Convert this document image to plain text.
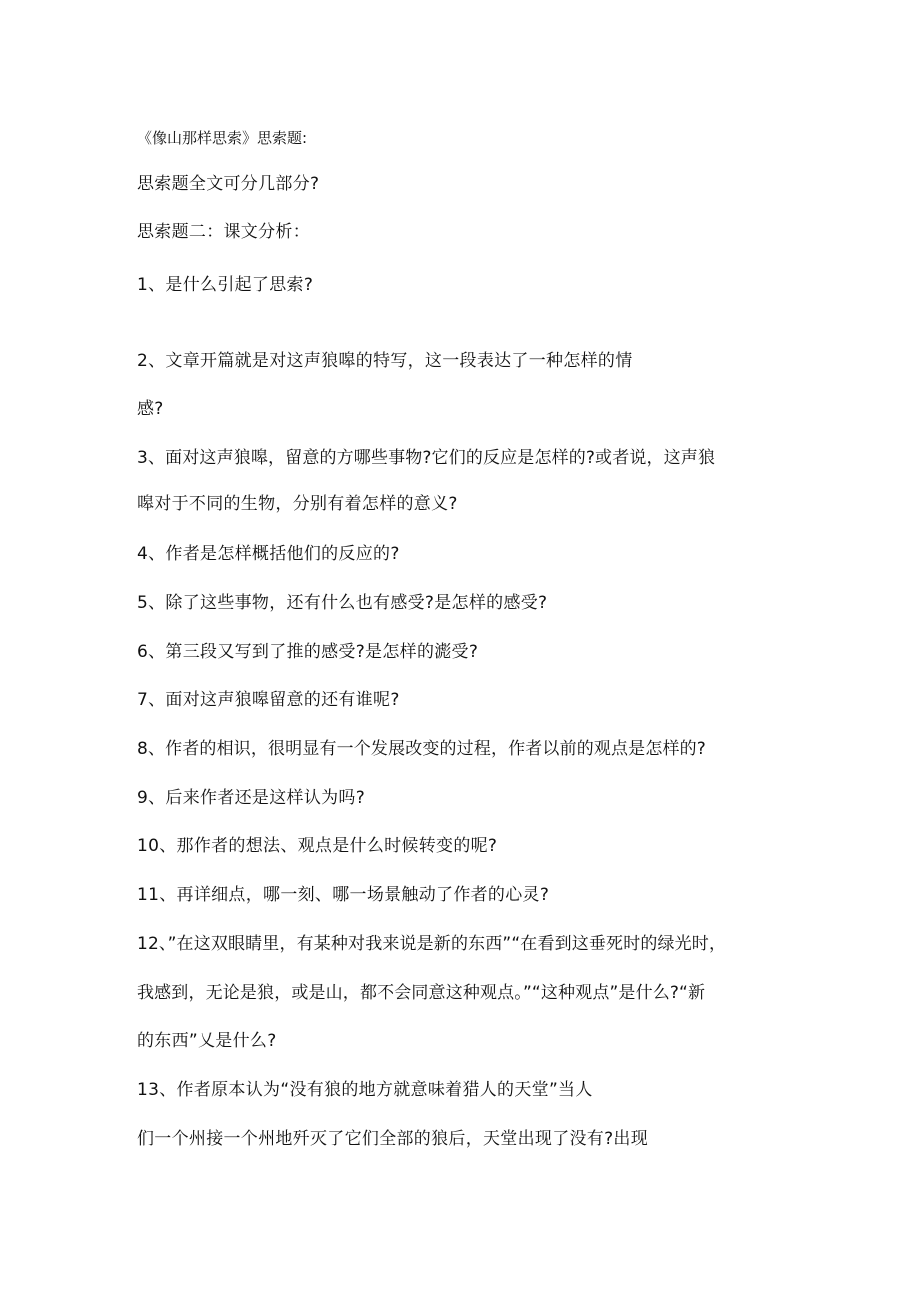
《像山那样思索》思索题:
思索题全文可分几部分?
思索题二：课文分析：
1、是什么引起了思索?
2、文章开篇就是对这声狼嗥的特写，这一段表达了一种怎样的情
感?
3、面对这声狼嗥，留意的方哪些事物?它们的反应是怎样的?或者说，这声狼
嗥对于不同的生物，分别有着怎样的意义?
4、作者是怎样概括他们的反应的?
5、除了这些事物，还有什么也有感受?是怎样的感受?
6、第三段又写到了推的感受?是怎样的滮受?
7、面对这声狼嗥留意的还有谁呢?
8、作者的相识，很明显有一个发展改变的过程，作者以前的观点是怎样的?
9、后来作者还是这样认为吗?
10、那作者的想法、观点是什么时候转变的呢?
11、再详细点，哪一刻、哪一场景触动了作者的心灵?
12、”在这双眼睛里，有某种对我来说是新的东西”“在看到这垂死时的绿光时，
我感到，无论是狼，或是山，都不会同意这种观点。”“这种观点”是什么?“新
的东西”乂是什么?
13、作者原本认为“没有狼的地方就意味着猎人的天堂”当人
们一个州接一个州地歼灭了它们全部的狼后，天堂出现了没有?出现
